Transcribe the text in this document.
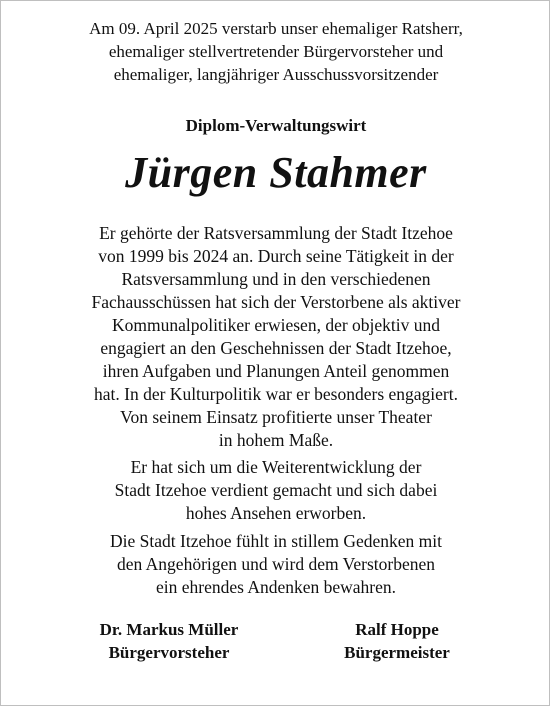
Am 09. April 2025 verstarb unser ehemaliger Ratsherr,
ehemaliger stellvertretender Bürgervorsteher und
ehemaliger, langjähriger Ausschussvorsitzender
Diplom-Verwaltungswirt
Jürgen Stahmer
Er gehörte der Ratsversammlung der Stadt Itzehoe
von 1999 bis 2024 an. Durch seine Tätigkeit in der
Ratsversammlung und in den verschiedenen
Fachausschüssen hat sich der Verstorbene als aktiver
Kommunalpolitiker erwiesen, der objektiv und
engagiert an den Geschehnissen der Stadt Itzehoe,
ihren Aufgaben und Planungen Anteil genommen
hat. In der Kulturpolitik war er besonders engagiert.
Von seinem Einsatz profitierte unser Theater
in hohem Maße.
Er hat sich um die Weiterentwicklung der
Stadt Itzehoe verdient gemacht und sich dabei
hohes Ansehen erworben.
Die Stadt Itzehoe fühlt in stillem Gedenken mit
den Angehörigen und wird dem Verstorbenen
ein ehrendes Andenken bewahren.
Dr. Markus Müller
Bürgervorsteher
Ralf Hoppe
Bürgermeister
